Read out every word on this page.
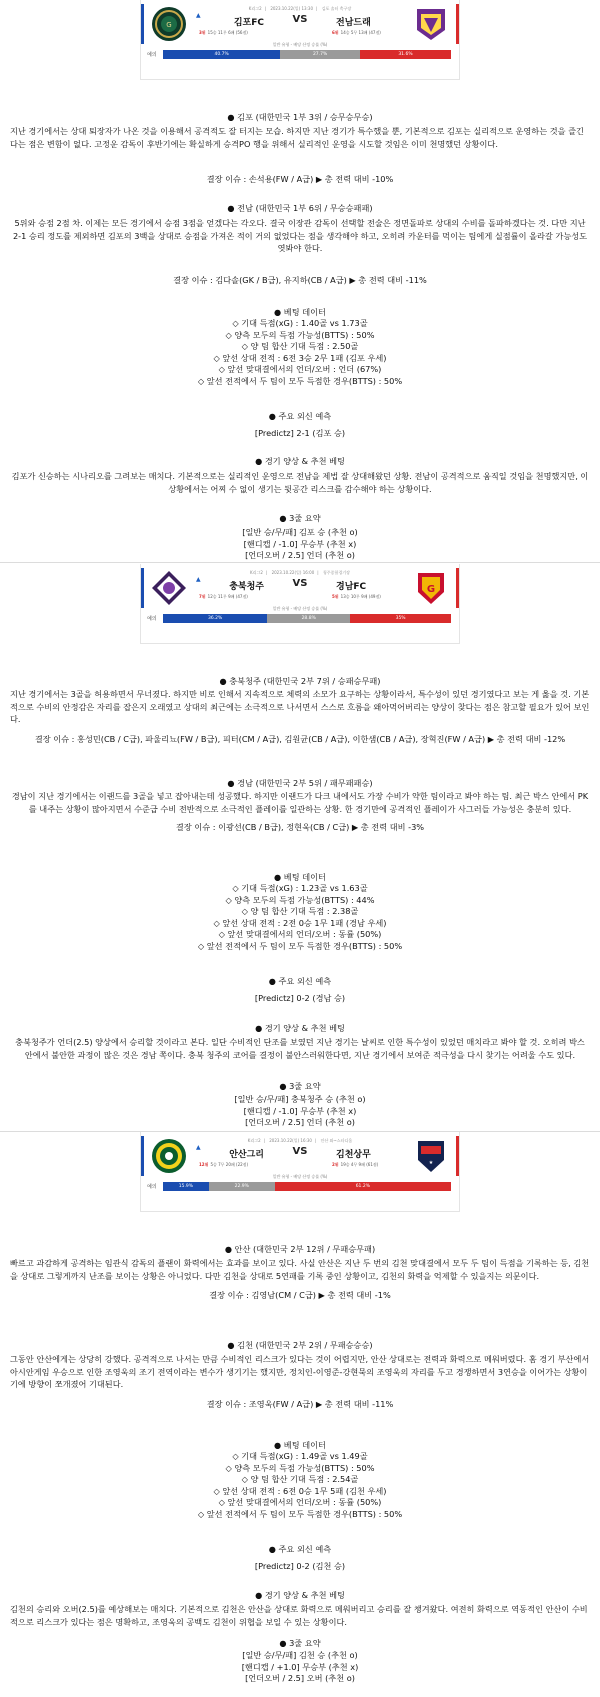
K리그2 | 2023.10.22(일) 13:30 | 김포 솔터 축구장
G
▲
김포FC	VS	전남드래
3위 15승 11무 6패 (56점)	6위 14승 5무 13패 (47점)
일반 유형 - 배당 산정 승률 (%)
예의	40.7%	27.7%	31.6%
● 김포 (대한민국 1부 3위 / 승무승무승)

지난 경기에서는 상대 퇴장자가 나온 것을 이용해서 공격적도 잘 터지는 모습. 하지만 지난 경기가 특수했을 뿐, 기본적으로 김포는 실리적으로 운영하는 것을 즐긴다는 점은 변함이 없다. 고정운 감독이 후반기에는 확실하게 승격PO 행을 위해서 실리적인 운영을 시도할 것임은 이미 천명했던 상황이다.

결장 이슈 : 손석용(FW / A급) ▶ 총 전력 대비 -10%
● 전남 (대한민국 1부 6위 / 무승승패패)

5위와 승점 2점 차. 이제는 모든 경기에서 승점 3점을 얻겠다는 각오다. 결국 이장관 감독이 선택할 전술은 정면돌파로 상대의 수비를 돌파하겠다는 것. 다만 지난 2-1 승리 정도를 제외하면 김포의 3백을 상대로 승점을 가져온 적이 거의 없었다는 점을 생각해야 하고, 오히려 카운터를 먹이는 팀에게 실점률이 올라갈 가능성도 엿봐야 한다.

결장 이슈 : 김다솔(GK / B급), 유지하(CB / A급) ▶ 총 전력 대비 -11%
● 베팅 데이터
◇ 기대 득점(xG) : 1.40골 vs 1.73골
◇ 양측 모두의 득점 가능성(BTTS) : 50%
◇ 양 팀 합산 기대 득점 : 2.50골
◇ 앞선 상대 전적 : 6전 3승 2무 1패 (김포 우세)
◇ 앞선 맞대결에서의 언더/오버 : 언더 (67%)
◇ 앞선 전적에서 두 팀이 모두 득점한 경우(BTTS) : 50%
● 주요 외신 예측
[Predictz] 2-1 (김포 승)
● 경기 양상 & 추천 베팅

김포가 신승하는 시나리오를 그려보는 매치다. 기본적으로는 실리적인 운영으로 전남을 제법 잘 상대해왔던 상황. 전남이 공격적으로 움직일 것임을 천명했지만, 이 상황에서는 어찌 수 없이 생기는 뒷공간 리스크를 감수해야 하는 상황이다.

● 3줄 요약
[일반 승/무/패] 김포 승 (추천 o)
[핸디캡 / -1.0] 무승부 (추천 x)
[언더오버 / 2.5] 언더 (추천 o)
K리그2 | 2023.10.22(일) 16:00 | 청주종합경기장
G
▲
충북청주	VS	경남FC
7위 12승 11무 9패 (47점)	5위 13승 10무 9패 (49점)
일반 유형 - 배당 산정 승률 (%)
예의	36.2%	28.8%	35%
● 충북청주 (대한민국 2부 7위 / 승패승무패)

지난 경기에서는 3골을 허용하면서 무너졌다. 하지만 비로 인해서 지속적으로 체력의 소모가 요구하는 상황이라서, 특수성이 있던 경기였다고 보는 게 옳을 것. 기본적으로 수비의 안정감은 자리를 잡은지 오래였고 상대의 최근에는 소극적으로 나서면서 스스로 흐름을 왜아먹어버리는 양상이 찾다는 점은 참고할 필요가 있어 보인다.

결장 이슈 : 홍성민(CB / C급), 파울리뇨(FW / B급), 피터(CM / A급), 김원균(CB / A급), 이한샘(CB / A급), 장혁진(FW / A급) ▶ 총 전력 대비 -12%
● 경남 (대한민국 2부 5위 / 패무패패승)

경남이 지난 경기에서는 이랜드를 3골을 넣고 잡아내는데 성공했다. 하지만 이랜드가 다크 내에서도 가장 수비가 약한 팀이라고 봐야 하는 팀. 최근 박스 안에서 PK를 내주는 상황이 많아지면서 수준급 수비 전반적으로 소극적인 플레이를 일관하는 상황. 한 경기만에 공격적인 플레이가 사그러들 가능성은 충분히 있다.

결장 이슈 : 이광선(CB / B급), 정현욱(CB / C급) ▶ 총 전력 대비 -3%
● 베팅 데이터
◇ 기대 득점(xG) : 1.23골 vs 1.63골
◇ 양측 모두의 득점 가능성(BTTS) : 44%
◇ 양 팀 합산 기대 득점 : 2.38골
◇ 앞선 상대 전적 : 2전 0승 1무 1패 (경남 우세)
◇ 앞선 맞대결에서의 언더/오버 : 동률 (50%)
◇ 앞선 전적에서 두 팀이 모두 득점한 경우(BTTS) : 50%
● 주요 외신 예측
[Predictz] 0-2 (경남 승)
● 경기 양상 & 추천 베팅

충북청주가 언더(2.5) 양상에서 승리할 것이라고 본다. 일단 수비적인 단조를 보였던 지난 경기는 날씨로 인한 특수성이 있었던 매치라고 봐야 할 것. 오히려 박스 안에서 불안한 과정이 많은 것은 경남 쪽이다. 충북 청주의 코어를 결정이 불안스러워한다면, 지난 경기에서 보여준 적극성을 다시 찾기는 어려울 수도 있다.

● 3줄 요약
[일반 승/무/패] 충북청주 승 (추천 o)
[핸디캡 / -1.0] 무승부 (추천 x)
[언더오버 / 2.5] 언더 (추천 o)
K리그2 | 2023.10.22(일) 16:30 | 안산 와~스타디움
★
▲
안산그리	VS	김천상무
12위 5승 7무 20패 (22점)	2위 19승 4무 9패 (61점)
일반 유형 - 배당 산정 승률 (%)
예의	15.9%	22.9%	61.2%
● 안산 (대한민국 2부 12위 / 무패승무패)

빠르고 과감하게 공격하는 임관식 감독의 플랜이 화력에서는 효과를 보이고 있다. 사실 안산은 지난 두 번의 김천 맞대결에서 모두 두 팀이 득점을 기록하는 등, 김천을 상대로 그렇게까지 난조를 보이는 상황은 아니었다. 다만 김천을 상대로 5연패를 기록 중인 상황이고, 김천의 화력을 억제할 수 있을지는 의문이다.

결장 이슈 : 김영남(CM / C급) ▶ 총 전력 대비 -1%
● 김천 (대한민국 2부 2위 / 무패승승승)

그동안 안산에게는 상당히 강했다. 공격적으로 나서는 만큼 수비적인 리스크가 있다는 것이 어렵지만, 안산 상대로는 전력과 화력으로 메워버렸다. 홈 경기 부산에서 아시안게임 우승으로 인한 조영욱의 조기 전역이라는 변수가 생기기는 했지만, 정치인-이영준-강현묵의 조영욱의 자리를 두고 경쟁하면서 3연승을 이어가는 상황이기에 방향이 쪼개졌어 기대된다.

결장 이슈 : 조영욱(FW / A급) ▶ 총 전력 대비 -11%
● 베팅 데이터
◇ 기대 득점(xG) : 1.49골 vs 1.49골
◇ 양측 모두의 득점 가능성(BTTS) : 50%
◇ 양 팀 합산 기대 득점 : 2.54골
◇ 앞선 상대 전적 : 6전 0승 1무 5패 (김천 우세)
◇ 앞선 맞대결에서의 언더/오버 : 동률 (50%)
◇ 앞선 전적에서 두 팀이 모두 득점한 경우(BTTS) : 50%
● 주요 외신 예측
[Predictz] 0-2 (김천 승)
● 경기 양상 & 추천 베팅

김천의 승리와 오버(2.5)를 예상해보는 매치다. 기본적으로 김천은 안산을 상대로 화력으로 메워버리고 승리를 잘 챙겨왔다. 여전히 화력으로 역동적인 안산이 수비적으로 리스크가 있다는 점은 명확하고, 조영욱의 공백도 김천이 위협을 보일 수 있는 상황이다.

● 3줄 요약
[일반 승/무/패] 김천 승 (추천 o)
[핸디캡 / +1.0] 무승부 (추천 x)
[언더오버 / 2.5] 오버 (추천 o)
